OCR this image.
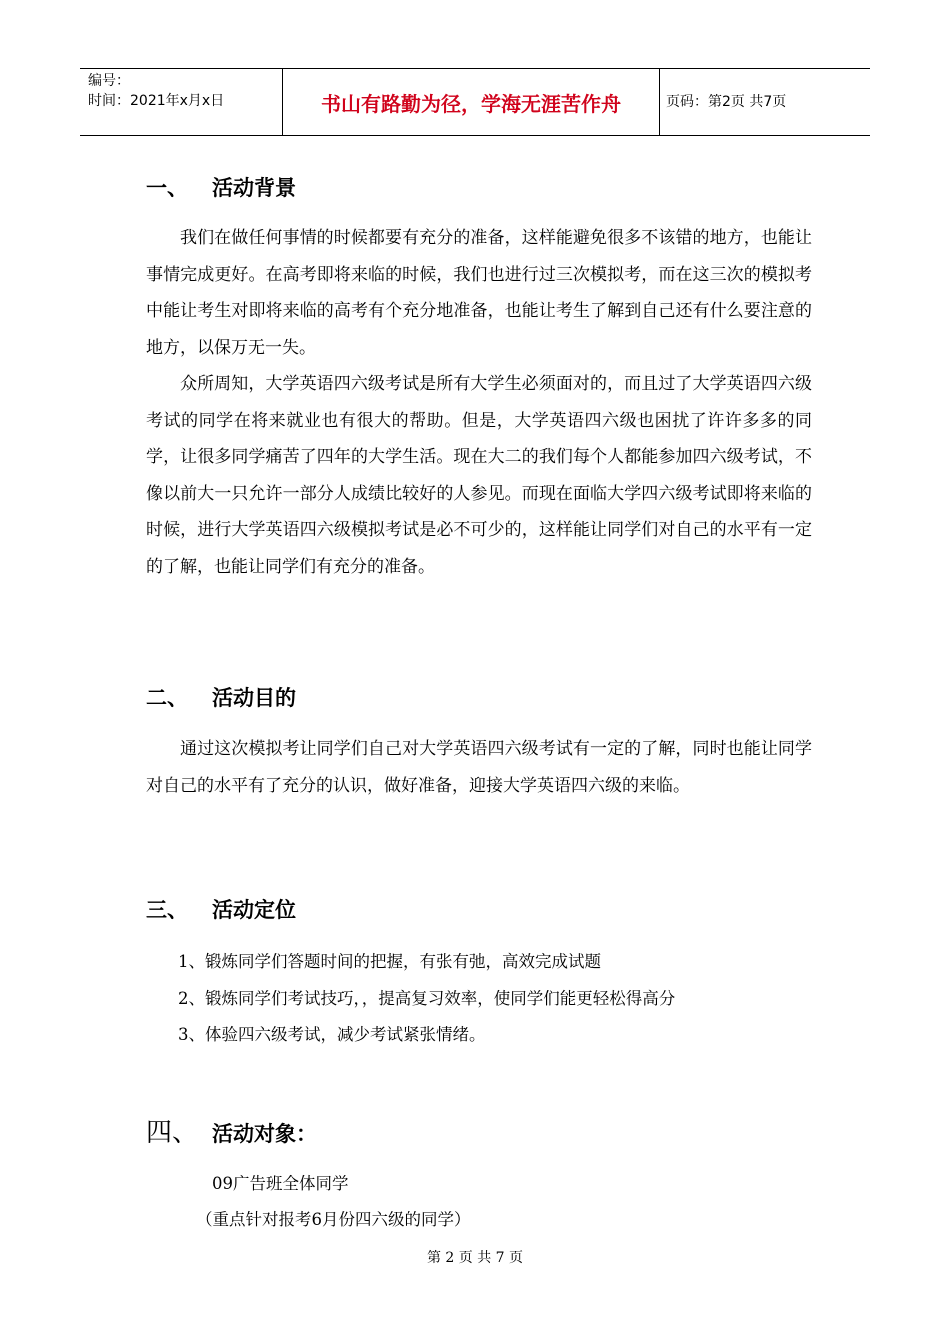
编号：
时间：2021年x月x日	书山有路勤为径，学海无涯苦作舟	页码：第2页 共7页
一、 活动背景
我们在做任何事情的时候都要有充分的准备，这样能避免很多不该错的地方，也能让事情完成更好。在高考即将来临的时候，我们也进行过三次模拟考，而在这三次的模拟考中能让考生对即将来临的高考有个充分地准备，也能让考生了解到自己还有什么要注意的地方，以保万无一失。
众所周知，大学英语四六级考试是所有大学生必须面对的，而且过了大学英语四六级考试的同学在将来就业也有很大的帮助。但是，大学英语四六级也困扰了许许多多的同学，让很多同学痛苦了四年的大学生活。现在大二的我们每个人都能参加四六级考试，不像以前大一只允许一部分人成绩比较好的人参见。而现在面临大学四六级考试即将来临的时候，进行大学英语四六级模拟考试是必不可少的，这样能让同学们对自己的水平有一定的了解，也能让同学们有充分的准备。
二、 活动目的
通过这次模拟考让同学们自己对大学英语四六级考试有一定的了解，同时也能让同学对自己的水平有了充分的认识，做好准备，迎接大学英语四六级的来临。
三、 活动定位
1、锻炼同学们答题时间的把握，有张有弛，高效完成试题
2、锻炼同学们考试技巧，，提高复习效率，使同学们能更轻松得高分
3、体验四六级考试，减少考试紧张情绪。
四、 活动对象：
09广告班全体同学
（重点针对报考6月份四六级的同学）
第 2 页 共 7 页
